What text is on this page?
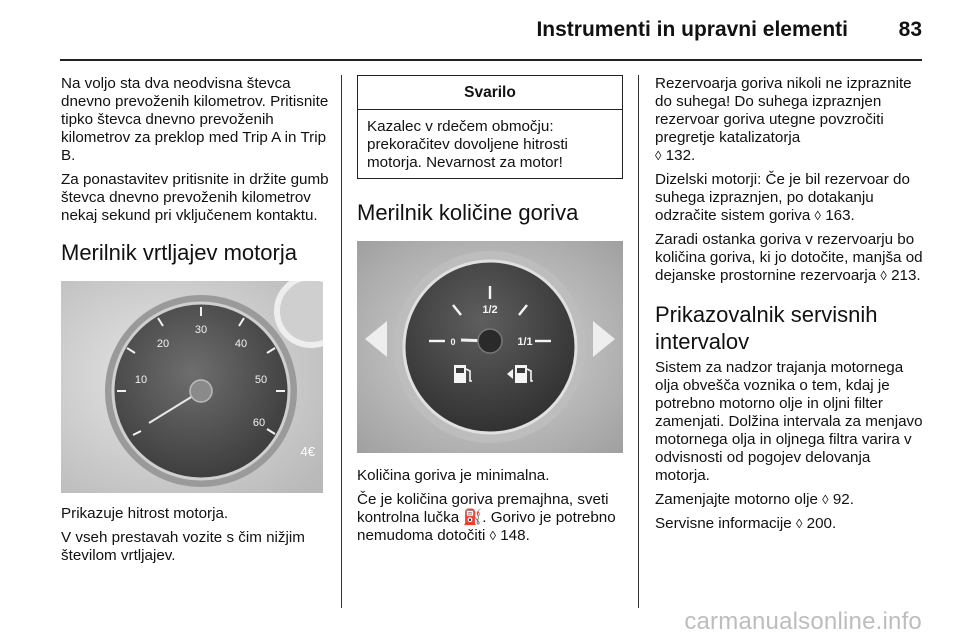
Instrumenti in upravni elementi 83

Na voljo sta dva neodvisna števca dnevno prevoženih kilometrov. Pritisnite tipko števca dnevno prevoženih kilometrov za preklop med Trip A in Trip B.

Za ponastavitev pritisnite in držite gumb števca dnevno prevoženih kilometrov nekaj sekund pri vključenem kontaktu.

Merilnik vrtljajev motorja
10
20
30
40
50
60
4€

Prikazuje hitrost motorja.

V vseh prestavah vozite s čim nižjim številom vrtljajev.

Svarilo
Kazalec v rdečem območju: prekoračitev dovoljene hitrosti motorja. Nevarnost za motor!
Merilnik količine goriva
1/2
1/1
0

Količina goriva je minimalna.

Če je količina goriva premajhna, sveti kontrolna lučka ⛽. Gorivo je potrebno nemudoma dotočiti ◊ 148.

Rezervoarja goriva nikoli ne izpraznite do suhega! Do suhega izpraznjen rezervoar goriva utegne povzročiti pregretje katalizatorja
◊ 132.

Dizelski motorji: Če je bil rezervoar do suhega izpraznjen, po dotakanju odzračite sistem goriva ◊ 163.

Zaradi ostanka goriva v rezervoarju bo količina goriva, ki jo dotočite, manjša od dejanske prostornine rezervoarja ◊ 213.

Prikazovalnik servisnih intervalov

Sistem za nadzor trajanja motornega olja obvešča voznika o tem, kdaj je potrebno motorno olje in oljni filter zamenjati. Dolžina intervala za menjavo motornega olja in oljnega filtra varira v odvisnosti od pogojev delovanja motorja.

Zamenjajte motorno olje ◊ 92.

Servisne informacije ◊ 200.

carmanualsonline.info
